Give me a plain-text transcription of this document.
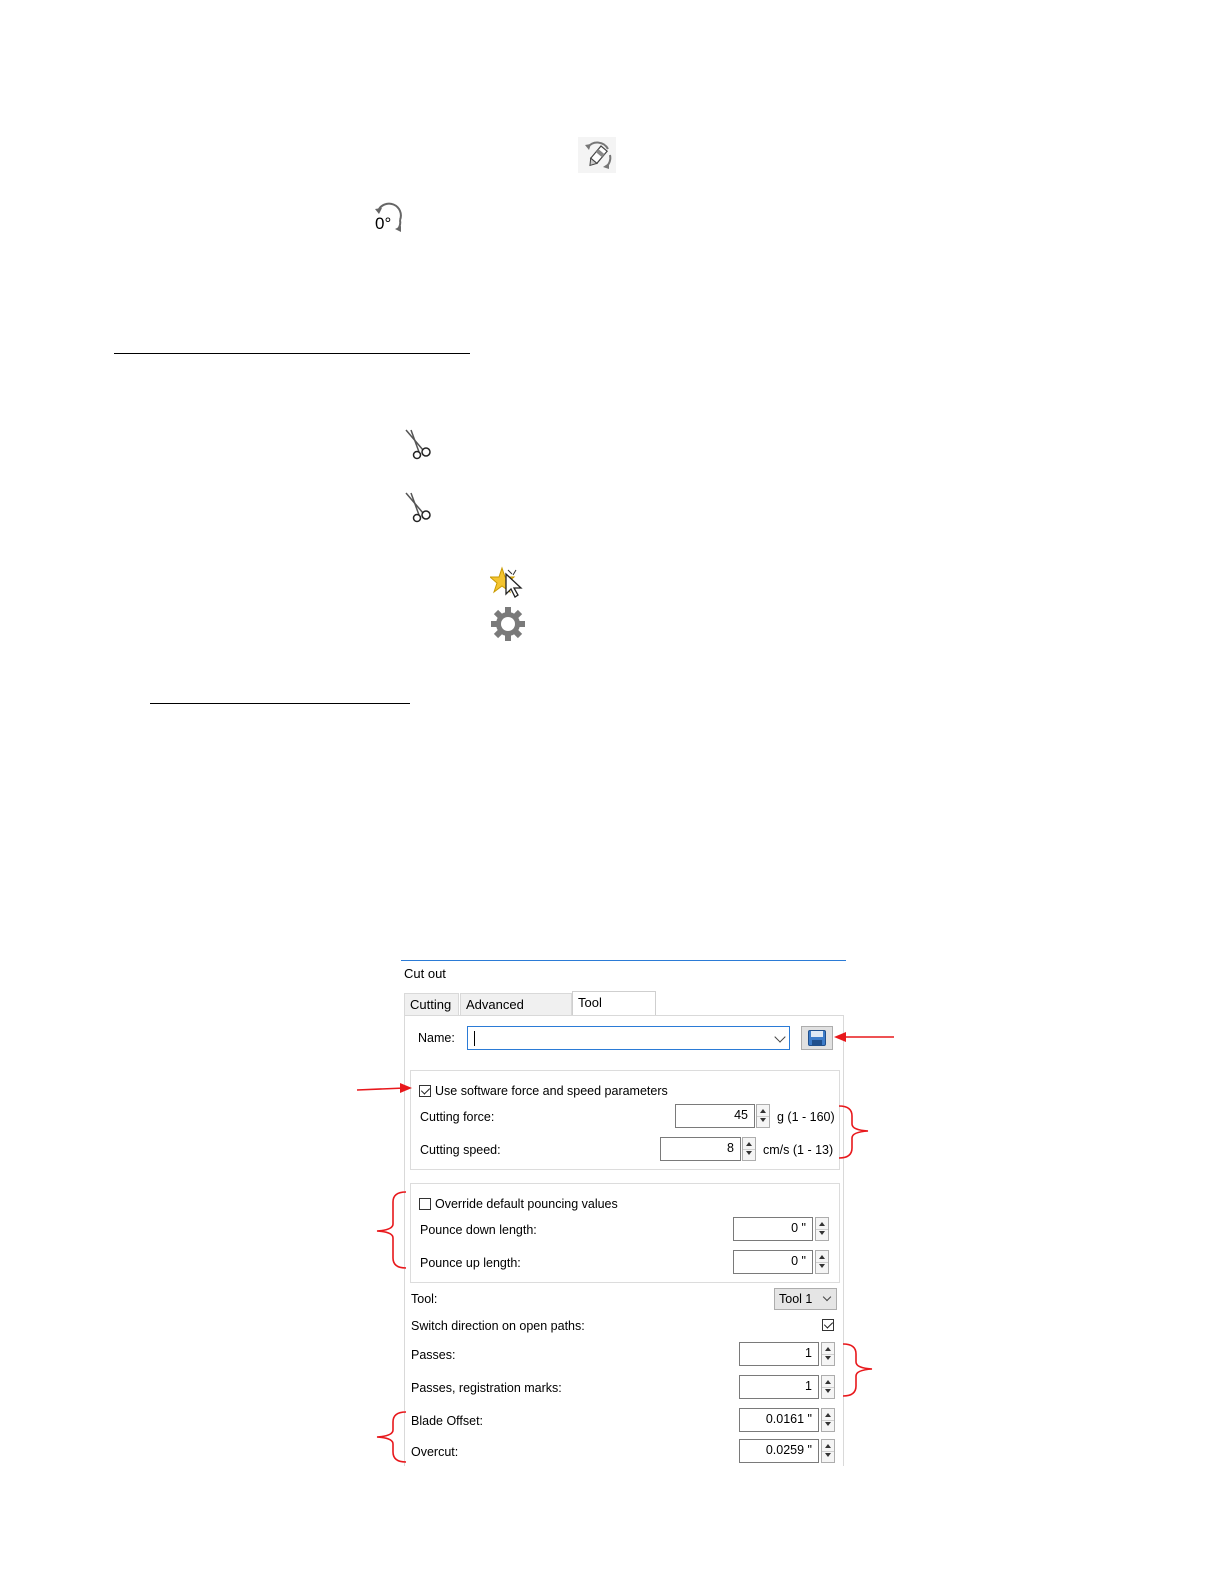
0°
Cut out
Cutting	Advanced	Tool
Name:
Use software force and speed parameters
Cutting force:	45	g (1 - 160)
Cutting speed:	8	cm/s (1 - 13)
Override default pouncing values
Pounce down length:	0 "
Pounce up length:	0 "
Tool:	Tool 1
Switch direction on open paths:
Passes:	1
Passes, registration marks:	1
Blade Offset:	0.0161 "
Overcut:	0.0259 "
